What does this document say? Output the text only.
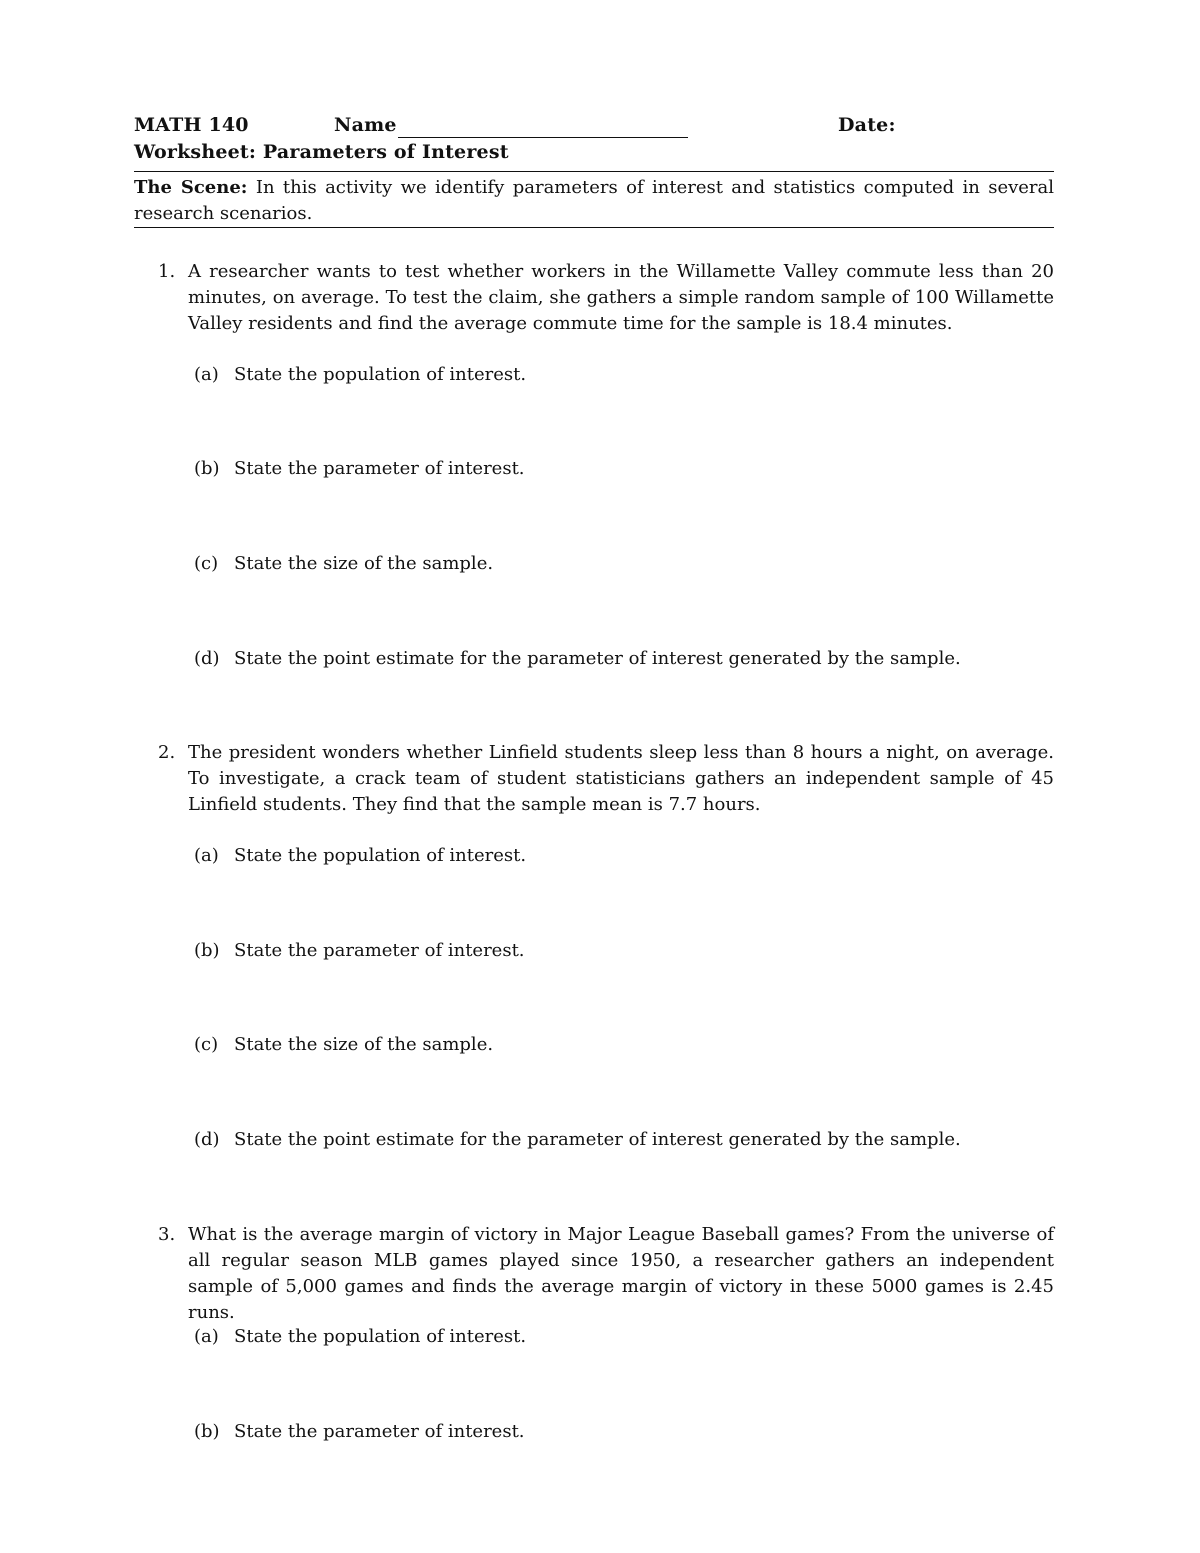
MATH 140	Name	Date:
Worksheet: Parameters of Interest
The Scene: In this activity we identify parameters of interest and statistics computed in several research scenarios.
1. A researcher wants to test whether workers in the Willamette Valley commute less than 20 minutes, on average. To test the claim, she gathers a simple random sample of 100 Willamette Valley residents and find the average commute time for the sample is 18.4 minutes.
(a) State the population of interest.
(b) State the parameter of interest.
(c) State the size of the sample.
(d) State the point estimate for the parameter of interest generated by the sample.
2. The president wonders whether Linfield students sleep less than 8 hours a night, on average. To investigate, a crack team of student statisticians gathers an independent sample of 45 Linfield students. They find that the sample mean is 7.7 hours.
(a) State the population of interest.
(b) State the parameter of interest.
(c) State the size of the sample.
(d) State the point estimate for the parameter of interest generated by the sample.
3. What is the average margin of victory in Major League Baseball games? From the universe of all regular season MLB games played since 1950, a researcher gathers an independent sample of 5,000 games and finds the average margin of victory in these 5000 games is 2.45 runs.
(a) State the population of interest.
(b) State the parameter of interest.
